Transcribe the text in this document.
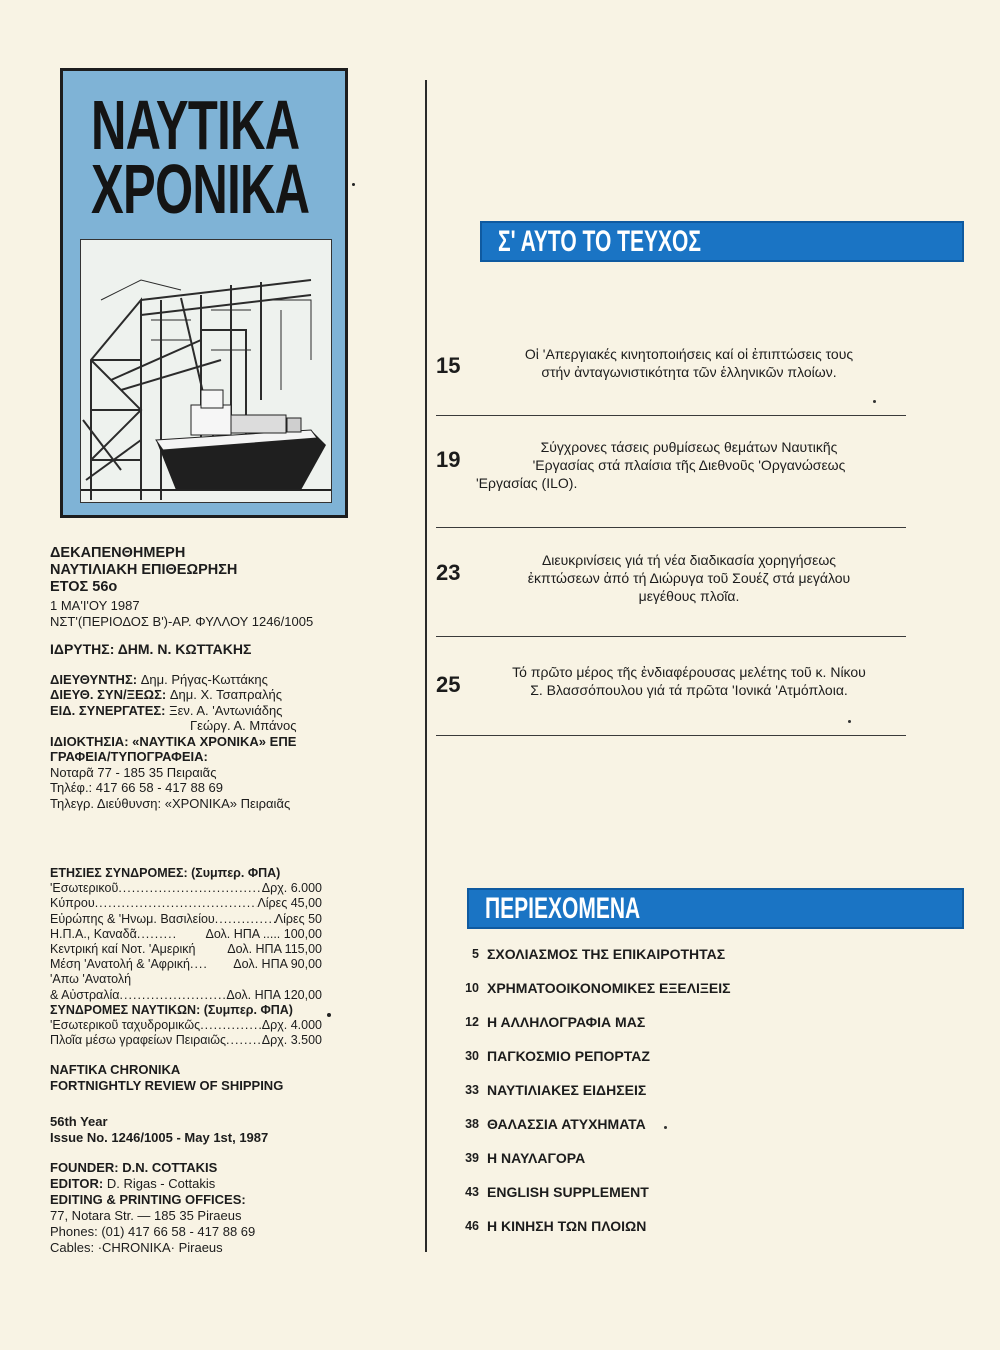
ΝΑΥΤΙΚΑ
ΧΡΟΝΙΚΑ

ΔΕΚΑΠΕΝΘΗΜΕΡΗ

ΝΑΥΤΙΛΙΑΚΗ ΕΠΙΘΕΩΡΗΣΗ

ΕΤΟΣ 56ο

1 ΜΑ'Ι'ΟΥ 1987

ΝΣΤ'(ΠΕΡΙΟΔΟΣ Β')-ΑΡ. ΦΥΛΛΟΥ 1246/1005

ΙΔΡΥΤΗΣ: ΔΗΜ. Ν. ΚΩΤΤΑΚΗΣ

ΔΙΕΥΘΥΝΤΗΣ:
Δημ. Ρήγας-Κωττάκης
ΔΙΕΥΘ. ΣΥΝ/ΞΕΩΣ:
Δημ. Χ. Τσαπραλής
ΕΙΔ. ΣΥΝΕΡΓΑΤΕΣ:
Ξεν. Α. 'Αντωνιάδης
Γεώργ. Α. Μπάνος

ΙΔΙΟΚΤΗΣΙΑ: «ΝΑΥΤΙΚΑ ΧΡΟΝΙΚΑ» ΕΠΕ

ΓΡΑΦΕΙΑ/ΤΥΠΟΓΡΑΦΕΙΑ:

Νοταρᾶ 77 - 185 35 Πειραιᾶς

Τηλέφ.: 417 66 58 - 417 88 69

Τηλεγρ. Διεύθυνση: «ΧΡΟΝΙΚΑ» Πειραιᾶς

ΕΤΗΣΙΕΣ ΣΥΝΔΡΟΜΕΣ: (Συμπερ. ΦΠΑ)

'Εσωτερικοῦ .....	Δρχ. 6.000
Κύπρου .....	Λίρες 45,00
Εὐρώπης & 'Ηνωμ. Βασιλείου .....	Λίρες 50
Η.Π.Α., Καναδᾶ .....	Δολ. ΗΠΑ ..... 100,00
Κεντρική καί Νοτ. 'Αμερική
	Δολ. ΗΠΑ 115,00
Μέση 'Ανατολή & 'Αφρική .....	Δολ. ΗΠΑ 90,00
'Απω 'Ανατολή
& Αὐστραλία .....	Δολ. ΗΠΑ 120,00

ΣΥΝΔΡΟΜΕΣ ΝΑΥΤΙΚΩΝ: (Συμπερ. ΦΠΑ)

'Εσωτερικοῦ ταχυδρομικῶς .....	Δρχ. 4.000
Πλοῖα μέσω γραφείων Πειραιῶς .....	Δρχ. 3.500

NAFTIKA CHRONIKA

FORTNIGHTLY REVIEW OF SHIPPING

56th Year

Issue No. 1246/1005 - May 1st, 1987

FOUNDER: D.N. COTTAKIS

EDITOR:
D. Rigas - Cottakis

EDITING & PRINTING OFFICES:

77, Notara Str. — 185 35 Piraeus

Phones: (01) 417 66 58 - 417 88 69

Cables: ·CHRONIKA· Piraeus

Σ' ΑΥΤΟ ΤΟ ΤΕΥΧΟΣ

15	Οἱ 'Απεργιακές κινητοποιήσεις καί οἱ ἐπιπτώσεις τους
στήν ἀνταγωνιστικότητα τῶν ἑλληνικῶν πλοίων.
19	Σύγχρονες τάσεις ρυθμίσεως θεμάτων Ναυτικῆς
'Εργασίας στά πλαίσια τῆς Διεθνοῦς 'Οργανώσεως
'Εργασίας (ILO).
23	Διευκρινίσεις γιά τή νέα διαδικασία χορηγήσεως
ἐκπτώσεων ἀπό τή Διώρυγα τοῦ Σουέζ στά μεγάλου
μεγέθους πλοῖα.
25	Τό πρῶτο μέρος τῆς ἐνδιαφέρουσας μελέτης τοῦ κ. Νίκου
Σ. Βλασσόπουλου γιά τά πρῶτα 'Ιονικά 'Ατμόπλοια.

ΠΕΡΙΕΧΟΜΕΝΑ

5 ΣΧΟΛΙΑΣΜΟΣ ΤΗΣ ΕΠΙΚΑΙΡΟΤΗΤΑΣ
10 ΧΡΗΜΑΤΟΟΙΚΟΝΟΜΙΚΕΣ ΕΞΕΛΙΞΕΙΣ
12 Η ΑΛΛΗΛΟΓΡΑΦΙΑ ΜΑΣ
30 ΠΑΓΚΟΣΜΙΟ ΡΕΠΟΡΤΑΖ
33 ΝΑΥΤΙΛΙΑΚΕΣ ΕΙΔΗΣΕΙΣ
38 ΘΑΛΑΣΣΙΑ ΑΤΥΧΗΜΑΤΑ
39 Η ΝΑΥΛΑΓΟΡΑ
43 ENGLISH SUPPLEMENT
46 Η ΚΙΝΗΣΗ ΤΩΝ ΠΛΟΙΩΝ
